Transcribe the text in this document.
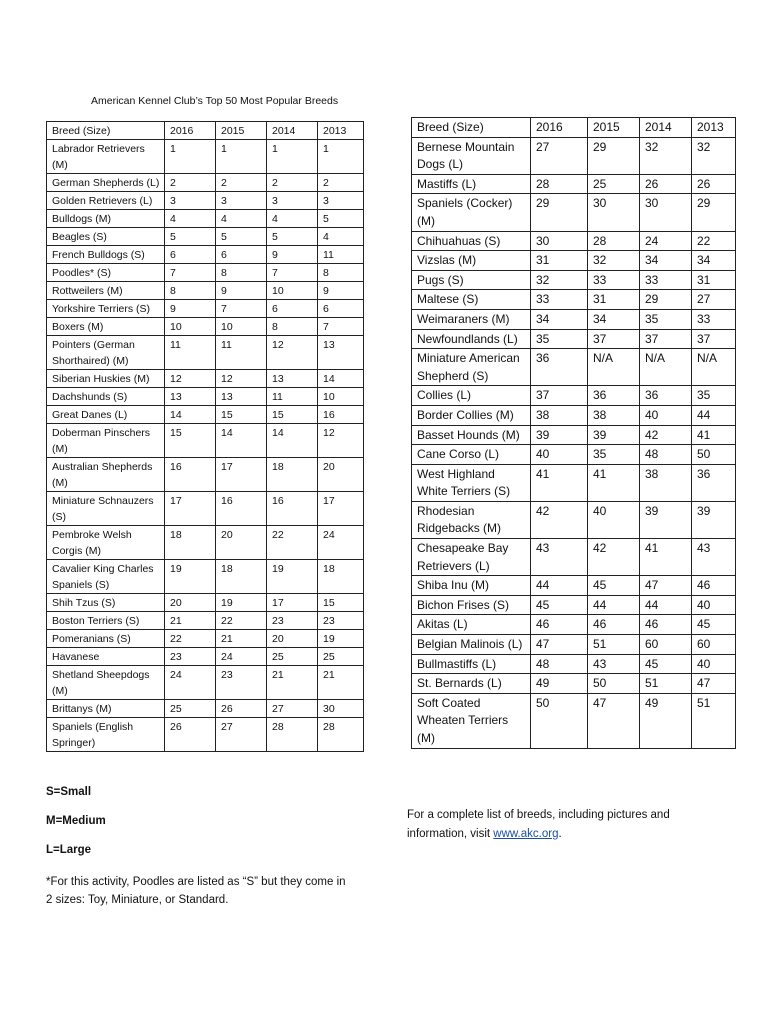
American Kennel Club’s Top 50 Most Popular Breeds
Breed (Size)	2016	2015	2014	2013
Labrador Retrievers (M)	1	1	1	1
German Shepherds (L)	2	2	2	2
Golden Retrievers (L)	3	3	3	3
Bulldogs (M)	4	4	4	5
Beagles (S)	5	5	5	4
French Bulldogs (S)	6	6	9	11
Poodles* (S)	7	8	7	8
Rottweilers (M)	8	9	10	9
Yorkshire Terriers (S)	9	7	6	6
Boxers (M)	10	10	8	7
Pointers (German Shorthaired) (M)	11	11	12	13
Siberian Huskies (M)	12	12	13	14
Dachshunds (S)	13	13	11	10
Great Danes (L)	14	15	15	16
Doberman Pinschers (M)	15	14	14	12
Australian Shepherds (M)	16	17	18	20
Miniature Schnauzers (S)	17	16	16	17
Pembroke Welsh Corgis (M)	18	20	22	24
Cavalier King Charles Spaniels (S)	19	18	19	18
Shih Tzus (S)	20	19	17	15
Boston Terriers (S)	21	22	23	23
Pomeranians (S)	22	21	20	19
Havanese	23	24	25	25
Shetland Sheepdogs (M)	24	23	21	21
Brittanys (M)	25	26	27	30
Spaniels (English Springer)	26	27	28	28
Breed (Size)	2016	2015	2014	2013
Bernese Mountain Dogs (L)	27	29	32	32
Mastiffs (L)	28	25	26	26
Spaniels (Cocker) (M)	29	30	30	29
Chihuahuas (S)	30	28	24	22
Vizslas (M)	31	32	34	34
Pugs (S)	32	33	33	31
Maltese (S)	33	31	29	27
Weimaraners (M)	34	34	35	33
Newfoundlands (L)	35	37	37	37
Miniature American Shepherd (S)	36	N/A	N/A	N/A
Collies (L)	37	36	36	35
Border Collies (M)	38	38	40	44
Basset Hounds (M)	39	39	42	41
Cane Corso (L)	40	35	48	50
West Highland White Terriers (S)	41	41	38	36
Rhodesian Ridgebacks (M)	42	40	39	39
Chesapeake Bay Retrievers (L)	43	42	41	43
Shiba Inu (M)	44	45	47	46
Bichon Frises (S)	45	44	44	40
Akitas (L)	46	46	46	45
Belgian Malinois (L)	47	51	60	60
Bullmastiffs (L)	48	43	45	40
St. Bernards (L)	49	50	51	47
Soft Coated Wheaten Terriers (M)	50	47	49	51
S=Small
M=Medium
L=Large
*For this activity, Poodles are listed as “S” but they come in 2 sizes: Toy, Miniature, or Standard.
For a complete list of breeds, including pictures and information, visit www.akc.org.
